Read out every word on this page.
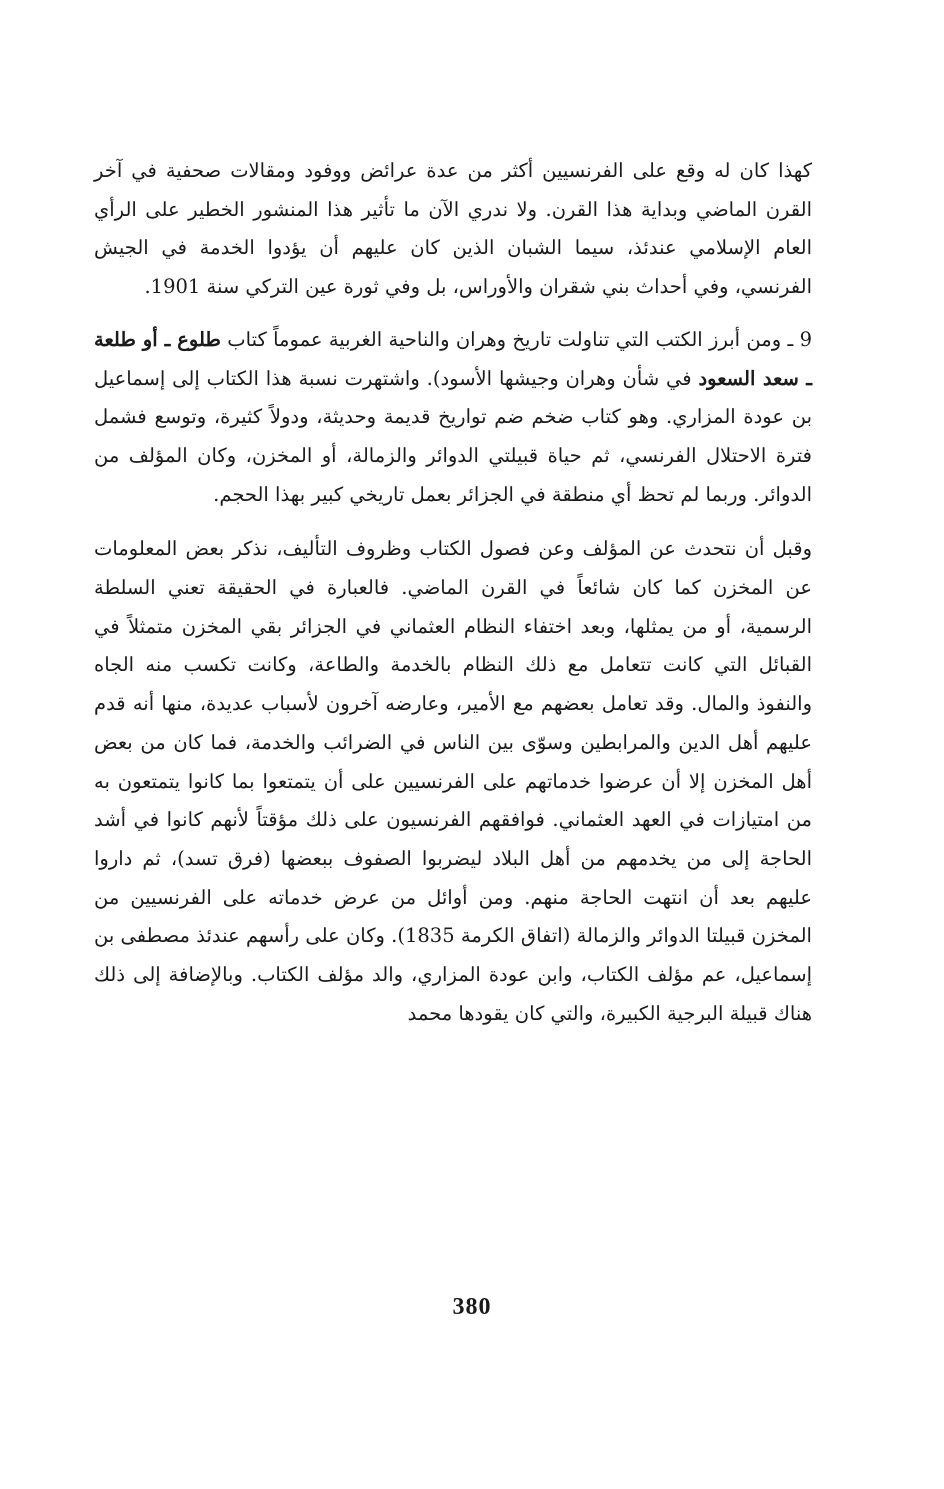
كهذا كان له وقع على الفرنسيين أكثر من عدة عرائض ووفود ومقالات صحفية في آخر القرن الماضي وبداية هذا القرن. ولا ندري الآن ما تأثير هذا المنشور الخطير على الرأي العام الإسلامي عندئذ، سيما الشبان الذين كان عليهم أن يؤدوا الخدمة في الجيش الفرنسي، وفي أحداث بني شقران والأوراس، بل وفي ثورة عين التركي سنة 1901.

9 ـ ومن أبرز الكتب التي تناولت تاريخ وهران والناحية الغربية عموماً كتاب طلوع ـ أو طلعة ـ سعد السعود في شأن وهران وجيشها الأسود). واشتهرت نسبة هذا الكتاب إلى إسماعيل بن عودة المزاري. وهو كتاب ضخم ضم تواريخ قديمة وحديثة، ودولاً كثيرة، وتوسع فشمل فترة الاحتلال الفرنسي، ثم حياة قبيلتي الدوائر والزمالة، أو المخزن، وكان المؤلف من الدوائر. وربما لم تحظ أي منطقة في الجزائر بعمل تاريخي كبير بهذا الحجم.

وقبل أن نتحدث عن المؤلف وعن فصول الكتاب وظروف التأليف، نذكر بعض المعلومات عن المخزن كما كان شائعاً في القرن الماضي. فالعبارة في الحقيقة تعني السلطة الرسمية، أو من يمثلها، وبعد اختفاء النظام العثماني في الجزائر بقي المخزن متمثلاً في القبائل التي كانت تتعامل مع ذلك النظام بالخدمة والطاعة، وكانت تكسب منه الجاه والنفوذ والمال. وقد تعامل بعضهم مع الأمير، وعارضه آخرون لأسباب عديدة، منها أنه قدم عليهم أهل الدين والمرابطين وسوّى بين الناس في الضرائب والخدمة، فما كان من بعض أهل المخزن إلا أن عرضوا خدماتهم على الفرنسيين على أن يتمتعوا بما كانوا يتمتعون به من امتيازات في العهد العثماني. فوافقهم الفرنسيون على ذلك مؤقتاً لأنهم كانوا في أشد الحاجة إلى من يخدمهم من أهل البلاد ليضربوا الصفوف ببعضها (فرق تسد)، ثم داروا عليهم بعد أن انتهت الحاجة منهم. ومن أوائل من عرض خدماته على الفرنسيين من المخزن قبيلتا الدوائر والزمالة (اتفاق الكرمة 1835). وكان على رأسهم عندئذ مصطفى بن إسماعيل، عم مؤلف الكتاب، وابن عودة المزاري، والد مؤلف الكتاب. وبالإضافة إلى ذلك هناك قبيلة البرجية الكبيرة، والتي كان يقودها محمد

380
